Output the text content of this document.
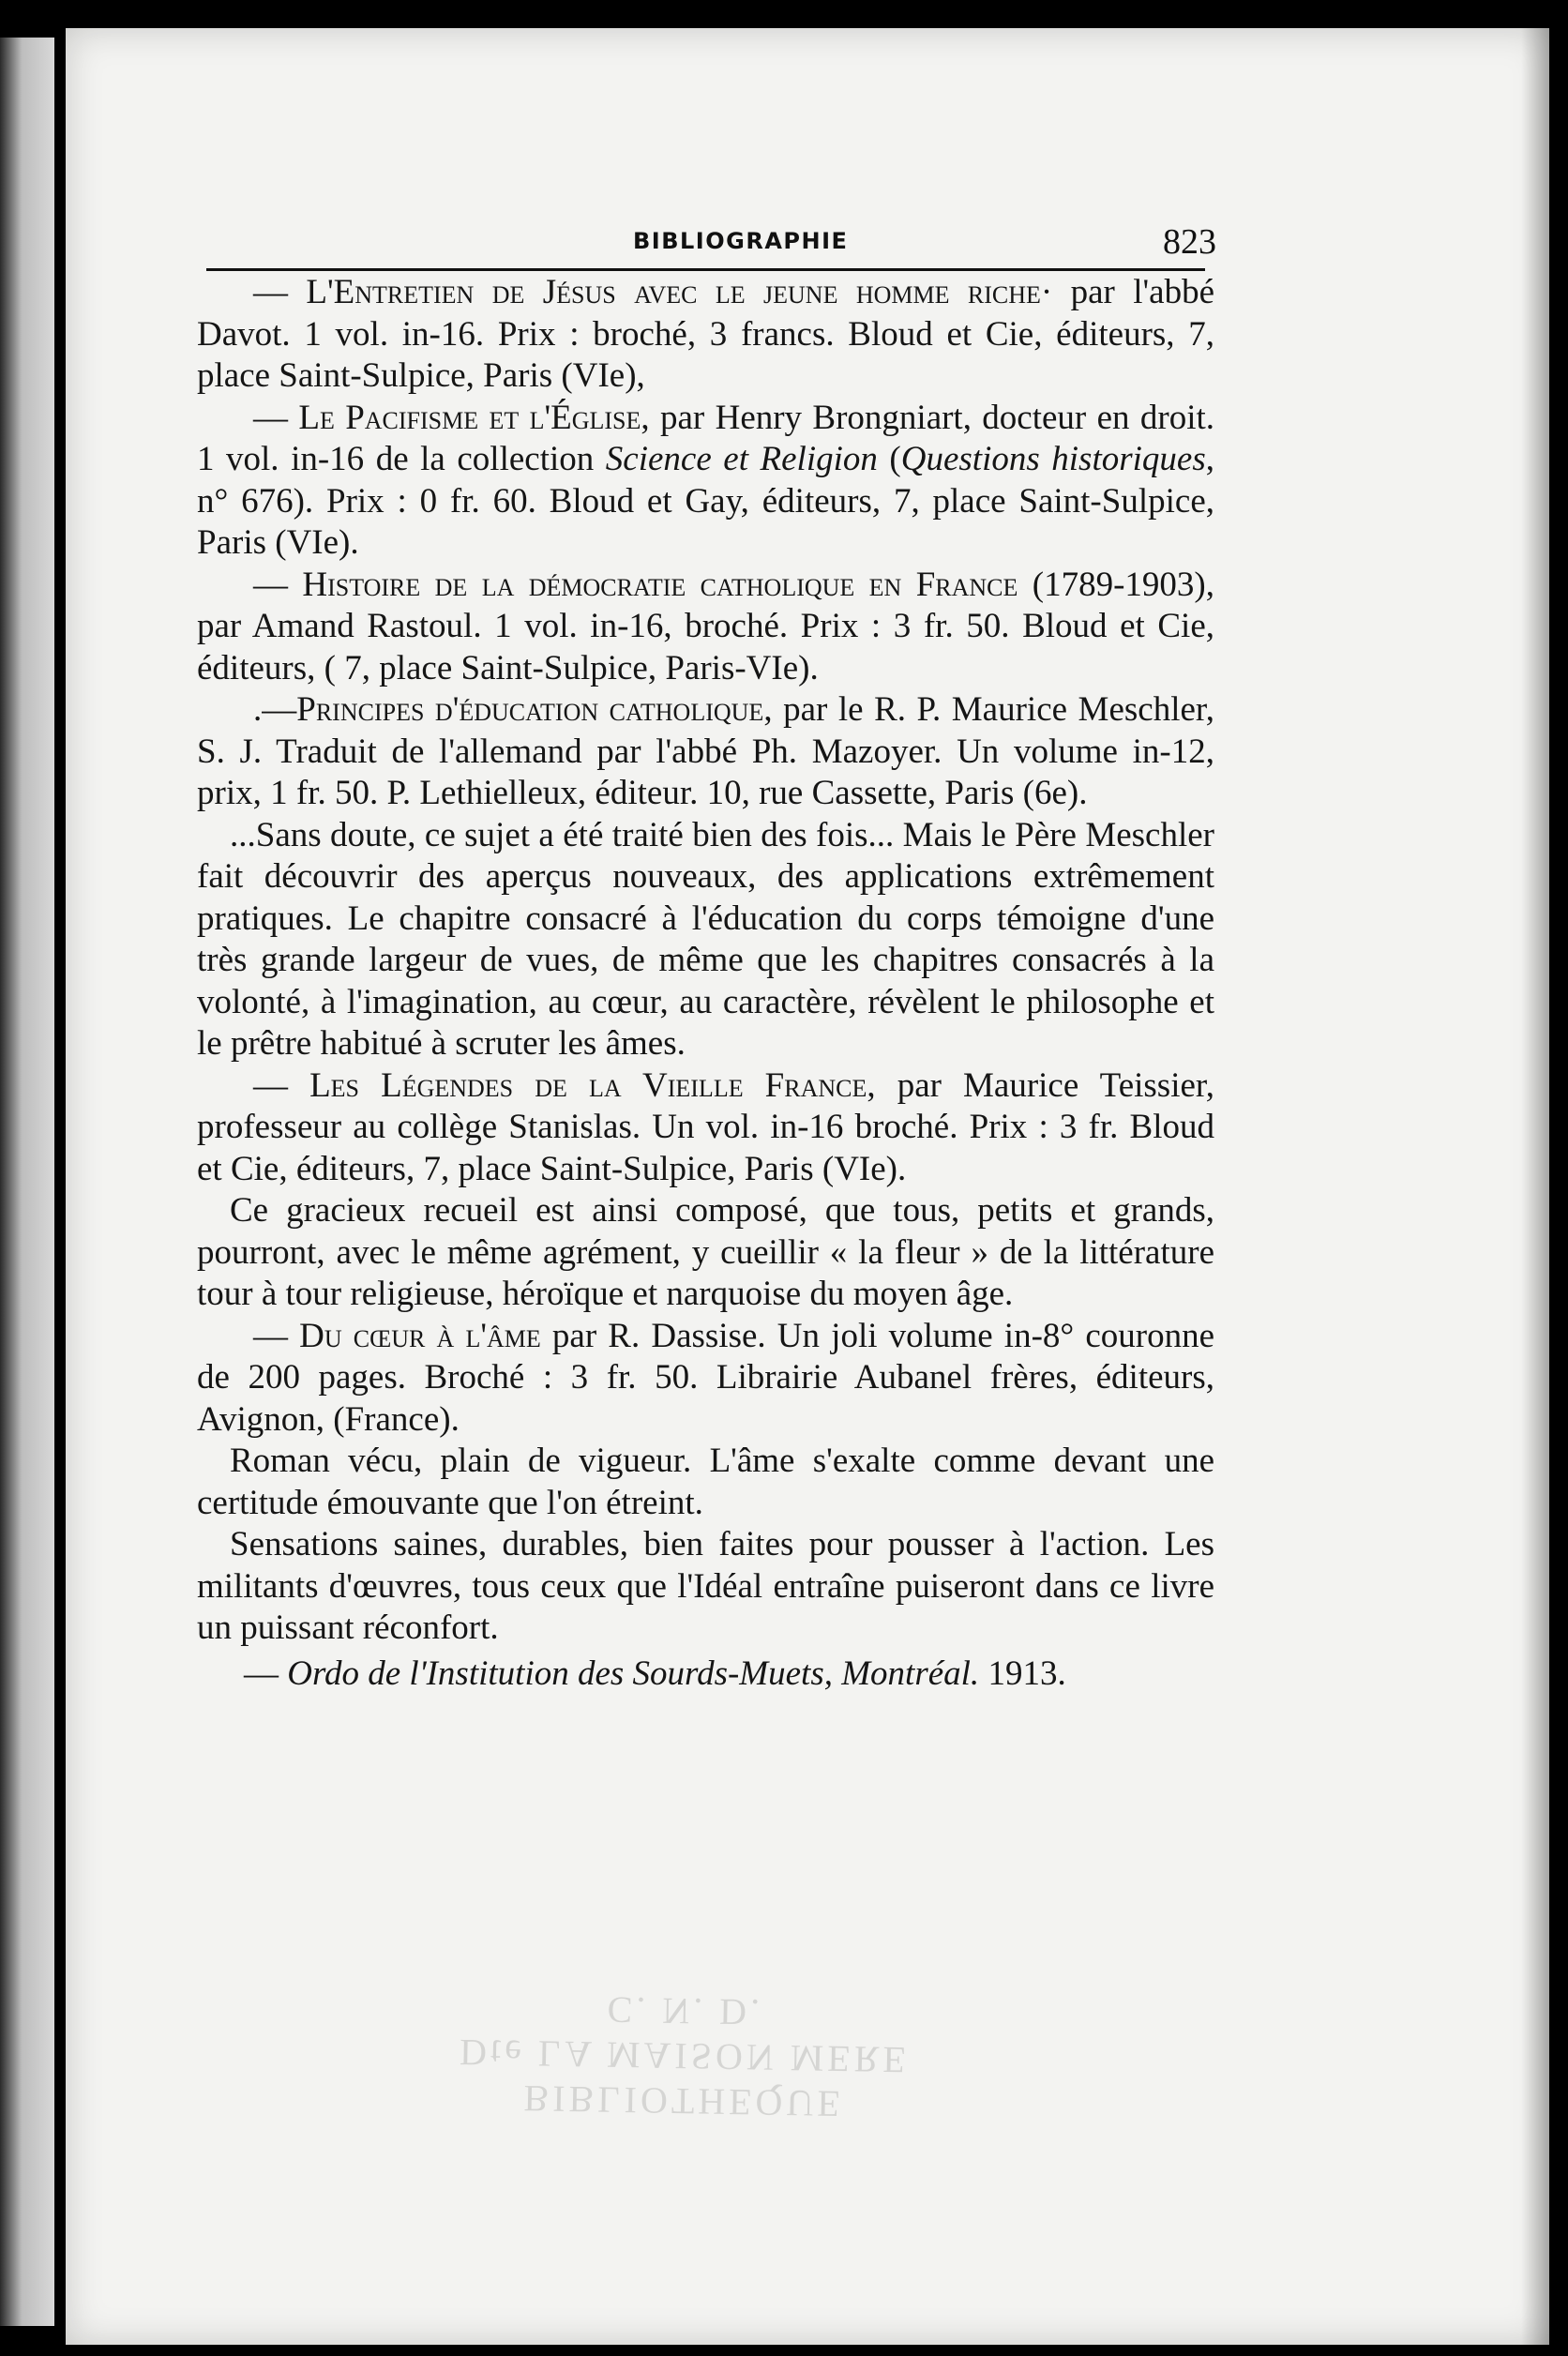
BIBLIOGRAPHIE	823

— L'Entretien de Jésus avec le jeune homme riche· par l'abbé Davot. 1 vol. in-16. Prix : broché, 3 francs. Bloud et Cie, éditeurs, 7, place Saint-Sulpice, Paris (VIe),

— Le Pacifisme et l'Église, par Henry Brongniart, docteur en droit. 1 vol. in-16 de la collection Science et Religion (Questions historiques, n° 676). Prix : 0 fr. 60. Bloud et Gay, éditeurs, 7, place Saint-Sulpice, Paris (VIe).

— Histoire de la démocratie catholique en France (1789-1903), par Amand Rastoul. 1 vol. in-16, broché. Prix : 3 fr. 50. Bloud et Cie, éditeurs, ( 7, place Saint-Sulpice, Paris-VIe).

.—Principes d'éducation catholique, par le R. P. Maurice Meschler, S. J. Traduit de l'allemand par l'abbé Ph. Mazoyer. Un volume in-12, prix, 1 fr. 50. P. Lethielleux, éditeur. 10, rue Cassette, Paris (6e).

...Sans doute, ce sujet a été traité bien des fois... Mais le Père Meschler fait découvrir des aperçus nouveaux, des applications extrêmement pratiques. Le chapitre consacré à l'éducation du corps témoigne d'une très grande largeur de vues, de même que les chapitres consacrés à la volonté, à l'imagination, au cœur, au caractère, révèlent le philosophe et le prêtre habitué à scruter les âmes.

— Les Légendes de la Vieille France, par Maurice Teissier, professeur au collège Stanislas. Un vol. in-16 broché. Prix : 3 fr. Bloud et Cie, éditeurs, 7, place Saint-Sulpice, Paris (VIe).

Ce gracieux recueil est ainsi composé, que tous, petits et grands, pourront, avec le même agrément, y cueillir « la fleur » de la littérature tour à tour religieuse, héroïque et narquoise du moyen âge.

— Du cœur à l'âme par R. Dassise. Un joli volume in-8° couronne de 200 pages. Broché : 3 fr. 50. Librairie Aubanel frères, éditeurs, Avignon, (France).

Roman vécu, plain de vigueur. L'âme s'exalte comme devant une certitude émouvante que l'on étreint.

Sensations saines, durables, bien faites pour pousser à l'action. Les militants d'œuvres, tous ceux que l'Idéal entraîne puiseront dans ce livre un puissant réconfort.

— Ordo de l'Institution des Sourds-Muets, Montréal. 1913.

BIBLIOTHEQUE
Dte LA MAISON MERE
C. N. D.
